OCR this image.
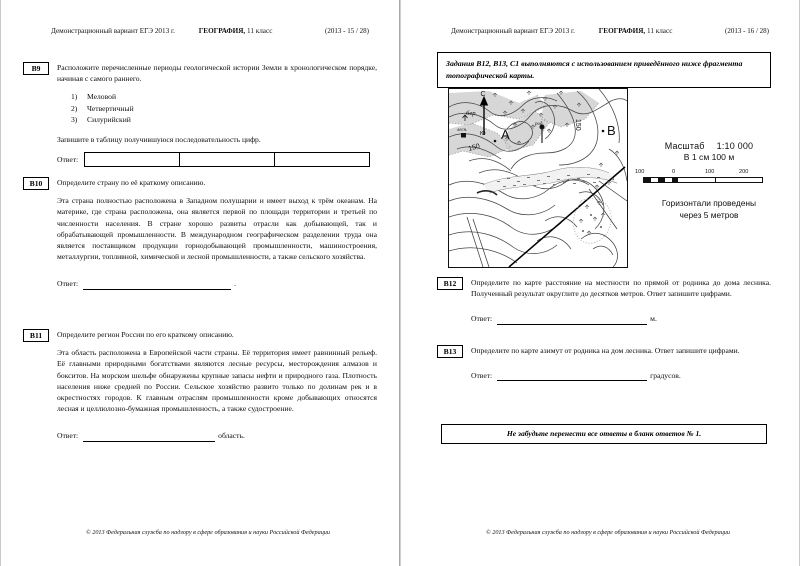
(2013 - 15 / 28)
Демонстрационный вариант ЕГЭ 2013 г.	ГЕОГРАФИЯ, 11 класс
B9	Расположите перечисленные периоды геологической истории Земли в хронологическом порядке, начиная с самого раннего.

1) Меловой
2) Четвертичный
3) Силурийский

Запишите в таблицу получившуюся последовательность цифр.

Ответ:
B10	Определите страну по её краткому описанию.

Эта страна полностью расположена в Западном полушарии и имеет выход к трём океанам. На материке, где страна расположена, она является первой по площади территории и третьей по численности населения. В стране хорошо развиты отрасли как добывающей, так и обрабатывающей промышленности. В международном географическом разделении труда она является поставщиком продукции горнодобывающей промышленности, машиностроения, металлургии, топливной, химической и лесной промышленности, а также сельского хозяйства.

Ответ:	.
B11	Определите регион России по его краткому описанию.

Эта область расположена в Европейской части страны. Её территория имеет равнинный рельеф. Её главными природными богатствами являются лесные ресурсы, месторождения алмазов и бокситов. На морском шельфе обнаружены крупные запасы нефти и природного газа. Плотность населения ниже средней по России. Сельское хозяйство развито только по долинам рек и в окрестностях городов. К главным отраслям промышленности кроме добывающих относятся лесная и целлюлозно-бумажная промышленность, а также судостроение.

Ответ:	область.
© 2013 Федеральная служба по надзору в сфере образования и науки Российской Федерации
(2013 - 16 / 28)
Демонстрационный вариант ЕГЭ 2013 г.	ГЕОГРАФИЯ, 11 класс
Задания В12, В13, С1 выполняются с использованием приведённого ниже фрагмента топографической карты.
С
бер.
лесн.
род.
A	B
150
150
Ю
Масштаб 1:10 000
В 1 см 100 м
100	0	100	200
Горизонтали проведены
через 5 метров
B12	Определите по карте расстояние на местности по прямой от родника до дома лесника. Полученный результат округлите до десятков метров. Ответ запишите цифрами.

Ответ:	м.
B13	Определите по карте азимут от родника на дом лесника. Ответ запишите цифрами.

Ответ:	градусов.
Не забудьте перенести все ответы в бланк ответов № 1.
© 2013 Федеральная служба по надзору в сфере образования и науки Российской Федерации
